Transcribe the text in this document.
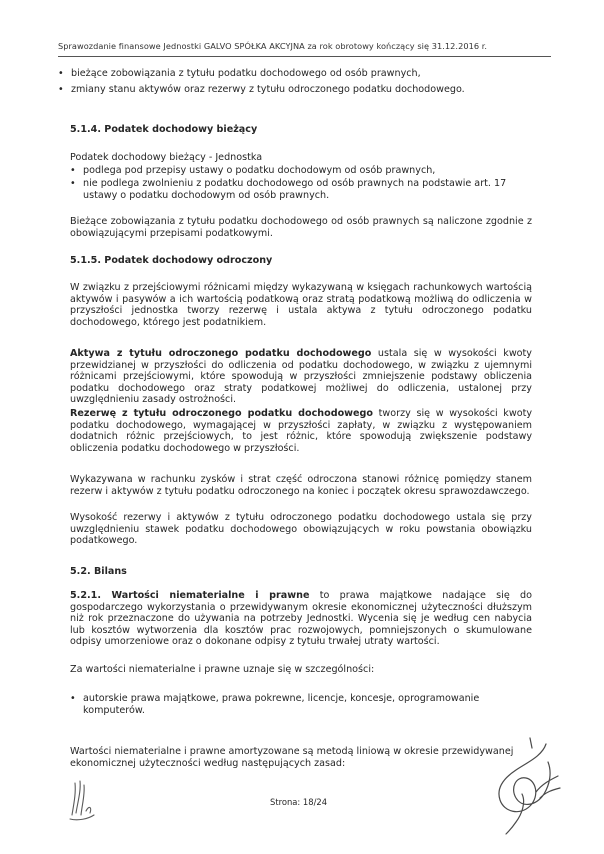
Sprawozdanie finansowe Jednostki GALVO SPÓŁKA AKCYJNA za rok obrotowy kończący się 31.12.2016 r.
• bieżące zobowiązania z tytułu podatku dochodowego od osób prawnych,
• zmiany stanu aktywów oraz rezerwy z tytułu odroczonego podatku dochodowego.
5.1.4. Podatek dochodowy bieżący
Podatek dochodowy bieżący - Jednostka
• podlega pod przepisy ustawy o podatku dochodowym od osób prawnych,
• nie podlega zwolnieniu z podatku dochodowego od osób prawnych na podstawie art. 17 ustawy o podatku dochodowym od osób prawnych.

Bieżące zobowiązania z tytułu podatku dochodowego od osób prawnych są naliczone zgodnie z obowiązującymi przepisami podatkowymi.

5.1.5. Podatek dochodowy odroczony

W związku z przejściowymi różnicami między wykazywaną w księgach rachunkowych wartością aktywów i pasywów a ich wartością podatkową oraz stratą podatkową możliwą do odliczenia w przyszłości jednostka tworzy rezerwę i ustala aktywa z tytułu odroczonego podatku dochodowego, którego jest podatnikiem.

Aktywa z tytułu odroczonego podatku dochodowego ustala się w wysokości kwoty przewidzianej w przyszłości do odliczenia od podatku dochodowego, w związku z ujemnymi różnicami przejściowymi, które spowodują w przyszłości zmniejszenie podstawy obliczenia podatku dochodowego oraz straty podatkowej możliwej do odliczenia, ustalonej przy uwzględnieniu zasady ostrożności.

Rezerwę z tytułu odroczonego podatku dochodowego tworzy się w wysokości kwoty podatku dochodowego, wymagającej w przyszłości zapłaty, w związku z występowaniem dodatnich różnic przejściowych, to jest różnic, które spowodują zwiększenie podstawy obliczenia podatku dochodowego w przyszłości.

Wykazywana w rachunku zysków i strat część odroczona stanowi różnicę pomiędzy stanem rezerw i aktywów z tytułu podatku odroczonego na koniec i początek okresu sprawozdawczego.

Wysokość rezerwy i aktywów z tytułu odroczonego podatku dochodowego ustala się przy uwzględnieniu stawek podatku dochodowego obowiązujących w roku powstania obowiązku podatkowego.

5.2. Bilans

5.2.1. Wartości niematerialne i prawne to prawa majątkowe nadające się do gospodarczego wykorzystania o przewidywanym okresie ekonomicznej użyteczności dłuższym niż rok przeznaczone do używania na potrzeby Jednostki. Wycenia się je według cen nabycia lub kosztów wytworzenia dla kosztów prac rozwojowych, pomniejszonych o skumulowane odpisy umorzeniowe oraz o dokonane odpisy z tytułu trwałej utraty wartości.

Za wartości niematerialne i prawne uznaje się w szczególności:
• autorskie prawa majątkowe, prawa pokrewne, licencje, koncesje, oprogramowanie komputerów.

Wartości niematerialne i prawne amortyzowane są metodą liniową w okresie przewidywanej ekonomicznej użyteczności według następujących zasad:

Strona: 18/24
